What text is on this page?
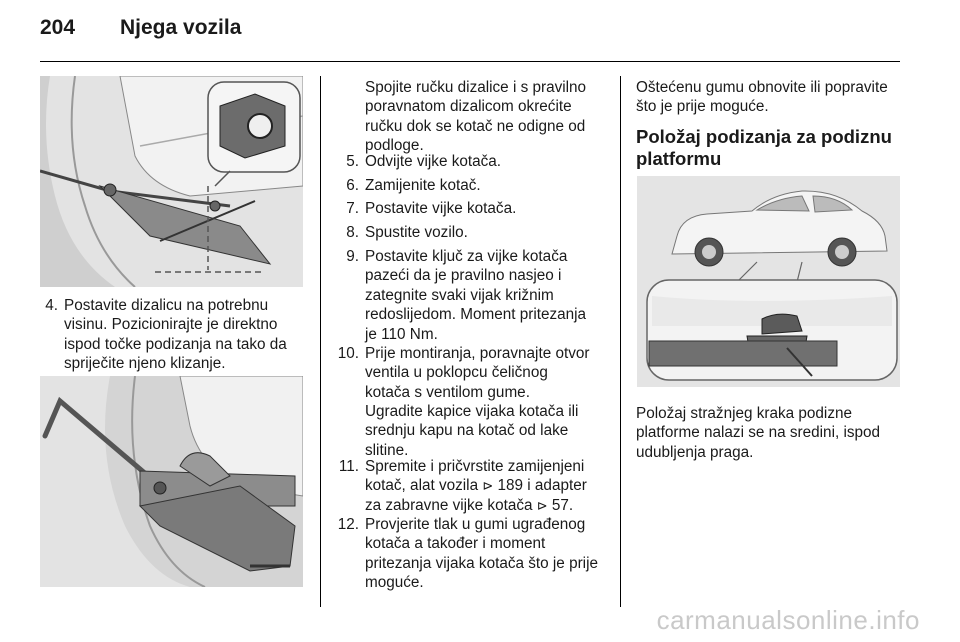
204 Njega vozila
4. Postavite dizalicu na potrebnu
visinu. Pozicionirajte je direktno
ispod točke podizanja na tako da
spriječite njeno klizanje.
Spojite ručku dizalice i s pravilno
poravnatom dizalicom okrećite
ručku dok se kotač ne odigne od
podloge.
5. Odvijte vijke kotača.
6. Zamijenite kotač.
7. Postavite vijke kotača.
8. Spustite vozilo.
9. Postavite ključ za vijke kotača
pazeći da je pravilno nasjeo i
zategnite svaki vijak križnim
redoslijedom. Moment pritezanja
je 110 Nm.
10. Prije montiranja, poravnajte otvor
ventila u poklopcu čeličnog
kotača s ventilom gume.
Ugradite kapice vijaka kotača ili
srednju kapu na kotač od lake
slitine.
11. Spremite i pričvrstite zamijenjeni
kotač, alat vozila ⊳ 189 i adapter
za zabravne vijke kotača ⊳ 57.
12. Provjerite tlak u gumi ugrađenog
kotača a također i moment
pritezanja vijaka kotača što je prije
moguće.
Oštećenu gumu obnovite ili popravite
što je prije moguće.
Položaj podizanja za podiznu
platformu
Položaj stražnjeg kraka podizne
platforme nalazi se na sredini, ispod
udubljenja praga.
carmanualsonline.info
